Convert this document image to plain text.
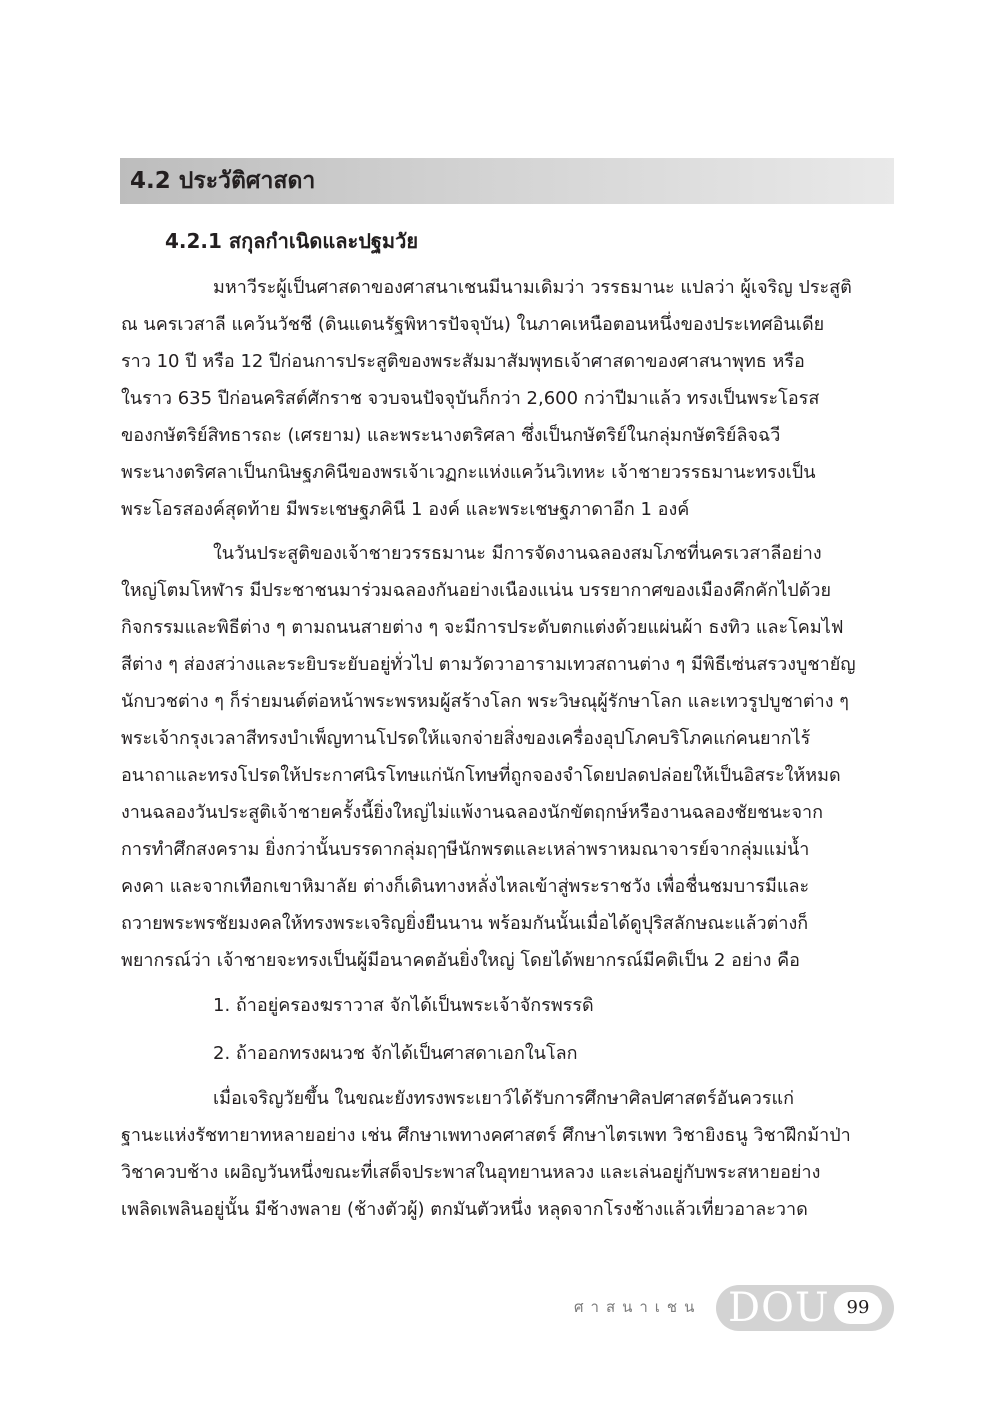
4.2 ประวัติศาสดา
4.2.1 สกุลกำเนิดและปฐมวัย
มหาวีระผู้เป็นศาสดาของศาสนาเชนมีนามเดิมว่า วรรธมานะ แปลว่า ผู้เจริญ ประสูติ
ณ นครเวสาลี แคว้นวัชชี (ดินแดนรัฐพิหารปัจจุบัน) ในภาคเหนือตอนหนึ่งของประเทศอินเดีย
ราว 10 ปี หรือ 12 ปีก่อนการประสูติของพระสัมมาสัมพุทธเจ้าศาสดาของศาสนาพุทธ หรือ
ในราว 635 ปีก่อนคริสต์ศักราช จวบจนปัจจุบันก็กว่า 2,600 กว่าปีมาแล้ว ทรงเป็นพระโอรส
ของกษัตริย์สิทธารถะ (เศรยาม) และพระนางตริศลา ซึ่งเป็นกษัตริย์ในกลุ่มกษัตริย์ลิจฉวี
พระนางตริศลาเป็นกนิษฐภคินีของพรเจ้าเวฏกะแห่งแคว้นวิเทหะ เจ้าชายวรรธมานะทรงเป็น
พระโอรสองค์สุดท้าย มีพระเชษฐภคินี 1 องค์ และพระเชษฐภาดาอีก 1 องค์
ในวันประสูติของเจ้าชายวรรธมานะ มีการจัดงานฉลองสมโภชที่นครเวสาลีอย่าง
ใหญ่โตมโหฬาร มีประชาชนมาร่วมฉลองกันอย่างเนืองแน่น บรรยากาศของเมืองคึกคักไปด้วย
กิจกรรมและพิธีต่าง ๆ ตามถนนสายต่าง ๆ จะมีการประดับตกแต่งด้วยแผ่นผ้า ธงทิว และโคมไฟ
สีต่าง ๆ ส่องสว่างและระยิบระยับอยู่ทั่วไป ตามวัดวาอารามเทวสถานต่าง ๆ มีพิธีเซ่นสรวงบูชายัญ
นักบวชต่าง ๆ ก็ร่ายมนต์ต่อหน้าพระพรหมผู้สร้างโลก พระวิษณุผู้รักษาโลก และเทวรูปบูชาต่าง ๆ
พระเจ้ากรุงเวลาสีทรงบำเพ็ญทานโปรดให้แจกจ่ายสิ่งของเครื่องอุปโภคบริโภคแก่คนยากไร้
อนาถาและทรงโปรดให้ประกาศนิรโทษแก่นักโทษที่ถูกจองจำโดยปลดปล่อยให้เป็นอิสระให้หมด
งานฉลองวันประสูติเจ้าชายครั้งนี้ยิ่งใหญ่ไม่แพ้งานฉลองนักขัตฤกษ์หรืองานฉลองชัยชนะจาก
การทำศึกสงคราม ยิ่งกว่านั้นบรรดากลุ่มฤๅษีนักพรตและเหล่าพราหมณาจารย์จากลุ่มแม่น้ำ
คงคา และจากเทือกเขาหิมาลัย ต่างก็เดินทางหลั่งไหลเข้าสู่พระราชวัง เพื่อชื่นชมบารมีและ
ถวายพระพรชัยมงคลให้ทรงพระเจริญยิ่งยืนนาน พร้อมกันนั้นเมื่อได้ดูปุริสลักษณะแล้วต่างก็
พยากรณ์ว่า เจ้าชายจะทรงเป็นผู้มีอนาคตอันยิ่งใหญ่ โดยได้พยากรณ์มีคติเป็น 2 อย่าง คือ
1. ถ้าอยู่ครองฆราวาส จักได้เป็นพระเจ้าจักรพรรดิ
2. ถ้าออกทรงผนวช จักได้เป็นศาสดาเอกในโลก
เมื่อเจริญวัยขึ้น ในขณะยังทรงพระเยาว์ได้รับการศึกษาศิลปศาสตร์อันควรแก่
ฐานะแห่งรัชทายาทหลายอย่าง เช่น ศึกษาเพทางคศาสตร์ ศึกษาไตรเพท วิชายิงธนู วิชาฝึกม้าป่า
วิชาควบช้าง เผอิญวันหนึ่งขณะที่เสด็จประพาสในอุทยานหลวง และเล่นอยู่กับพระสหายอย่าง
เพลิดเพลินอยู่นั้น มีช้างพลาย (ช้างตัวผู้) ตกมันตัวหนึ่ง หลุดจากโรงช้างแล้วเที่ยวอาละวาด
ศาสนาเชน DOU 99
